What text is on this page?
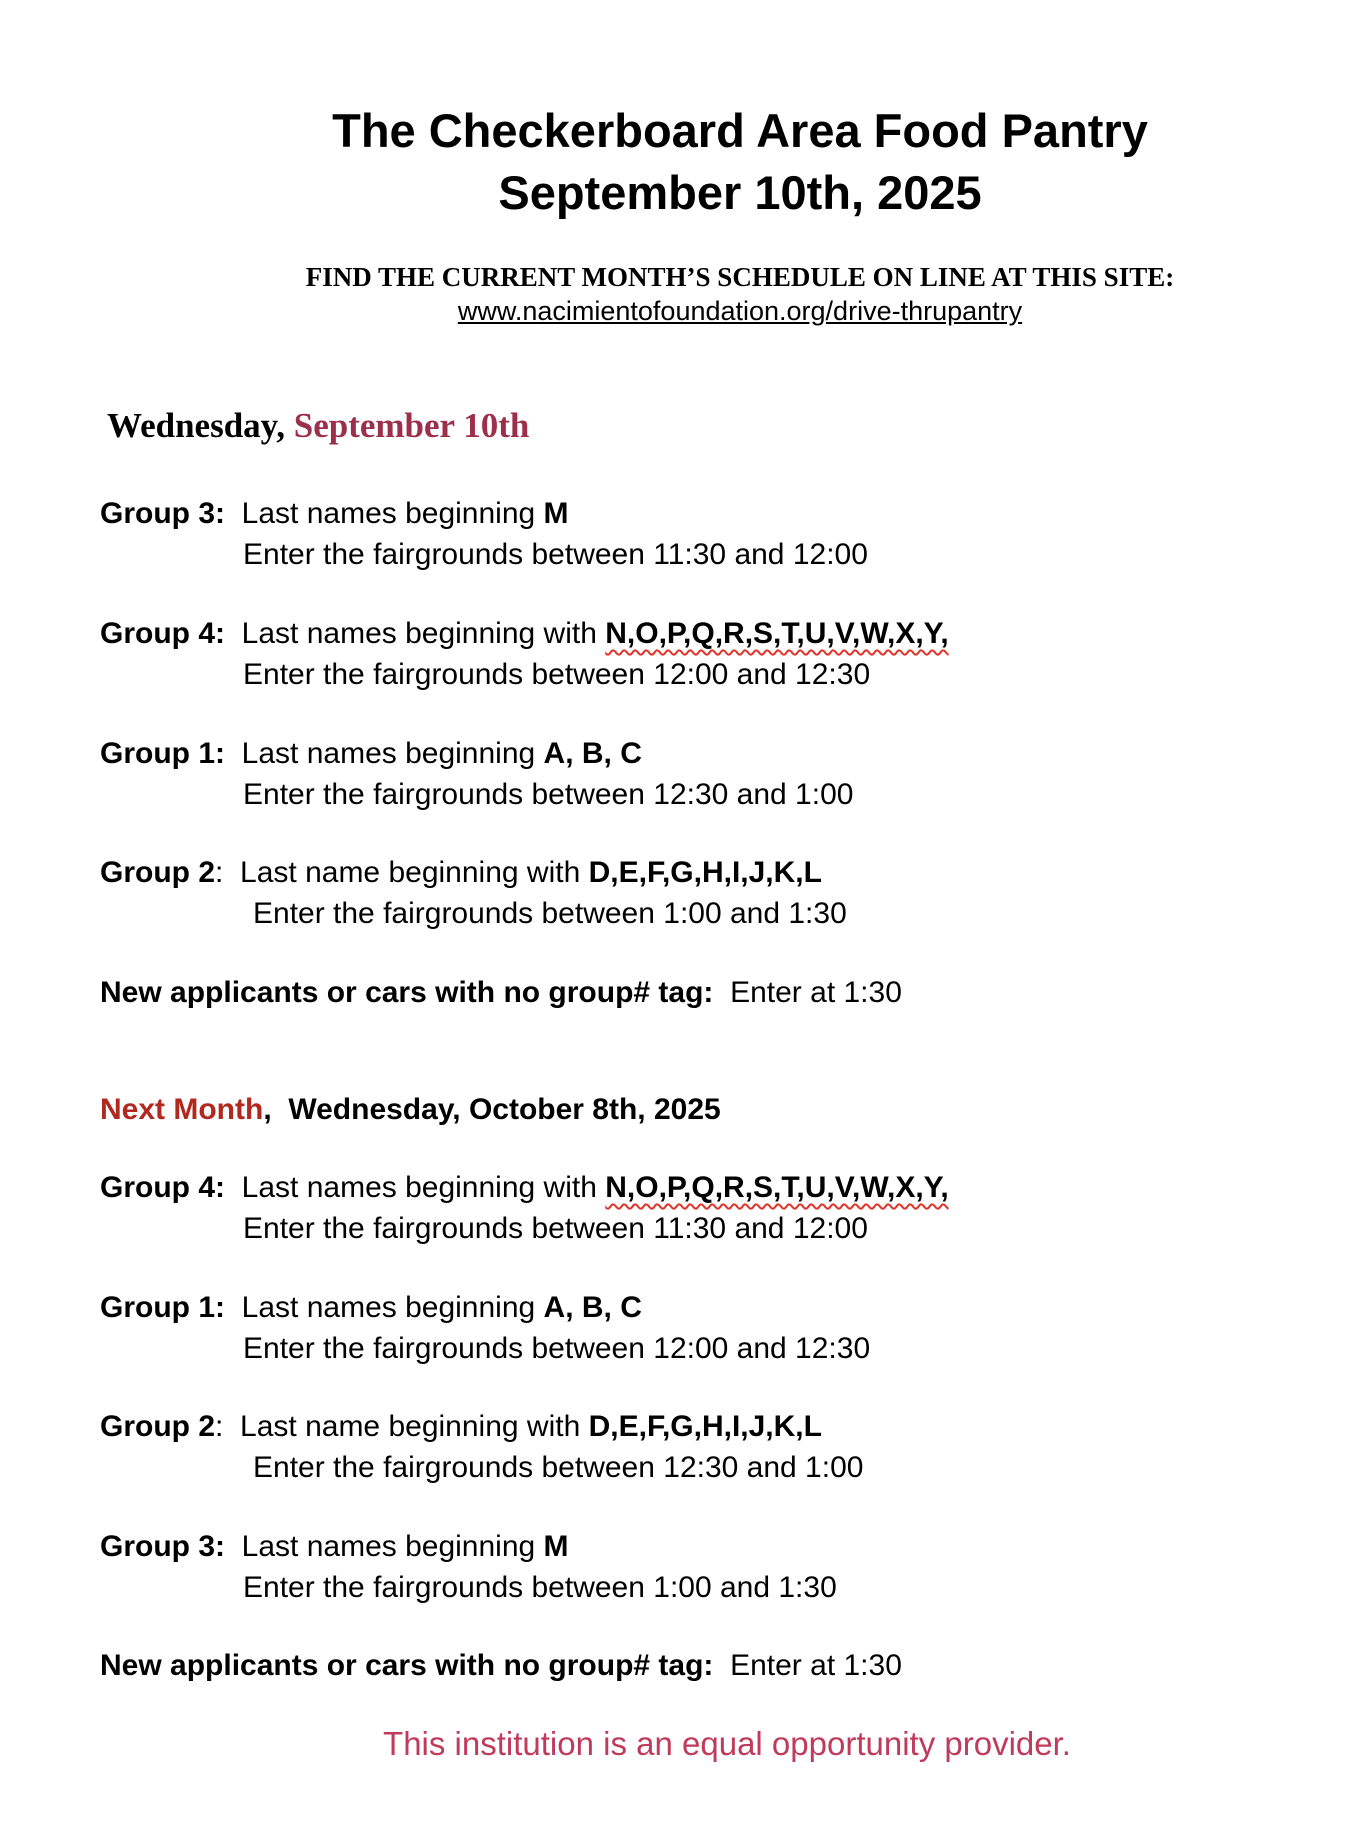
The Checkerboard Area Food Pantry
September 10th, 2025
FIND THE CURRENT MONTH’S SCHEDULE ON LINE AT THIS SITE:
www.nacimientofoundation.org/drive-thrupantry
Wednesday, September 10th
Group 3: Last names beginning M
Enter the fairgrounds between 11:30 and 12:00
Group 4: Last names beginning with N,O,P,Q,R,S,T,U,V,W,X,Y,
Enter the fairgrounds between 12:00 and 12:30
Group 1: Last names beginning A, B, C
Enter the fairgrounds between 12:30 and 1:00
Group 2: Last name beginning with D,E,F,G,H,I,J,K,L
Enter the fairgrounds between 1:00 and 1:30
New applicants or cars with no group# tag: Enter at 1:30
Next Month,  Wednesday, October 8th, 2025
Group 4: Last names beginning with N,O,P,Q,R,S,T,U,V,W,X,Y,
Enter the fairgrounds between 11:30 and 12:00
Group 1: Last names beginning A, B, C
Enter the fairgrounds between 12:00 and 12:30
Group 2: Last name beginning with D,E,F,G,H,I,J,K,L
Enter the fairgrounds between 12:30 and 1:00
Group 3: Last names beginning M
Enter the fairgrounds between 1:00 and 1:30
New applicants or cars with no group# tag: Enter at 1:30
This institution is an equal opportunity provider.
